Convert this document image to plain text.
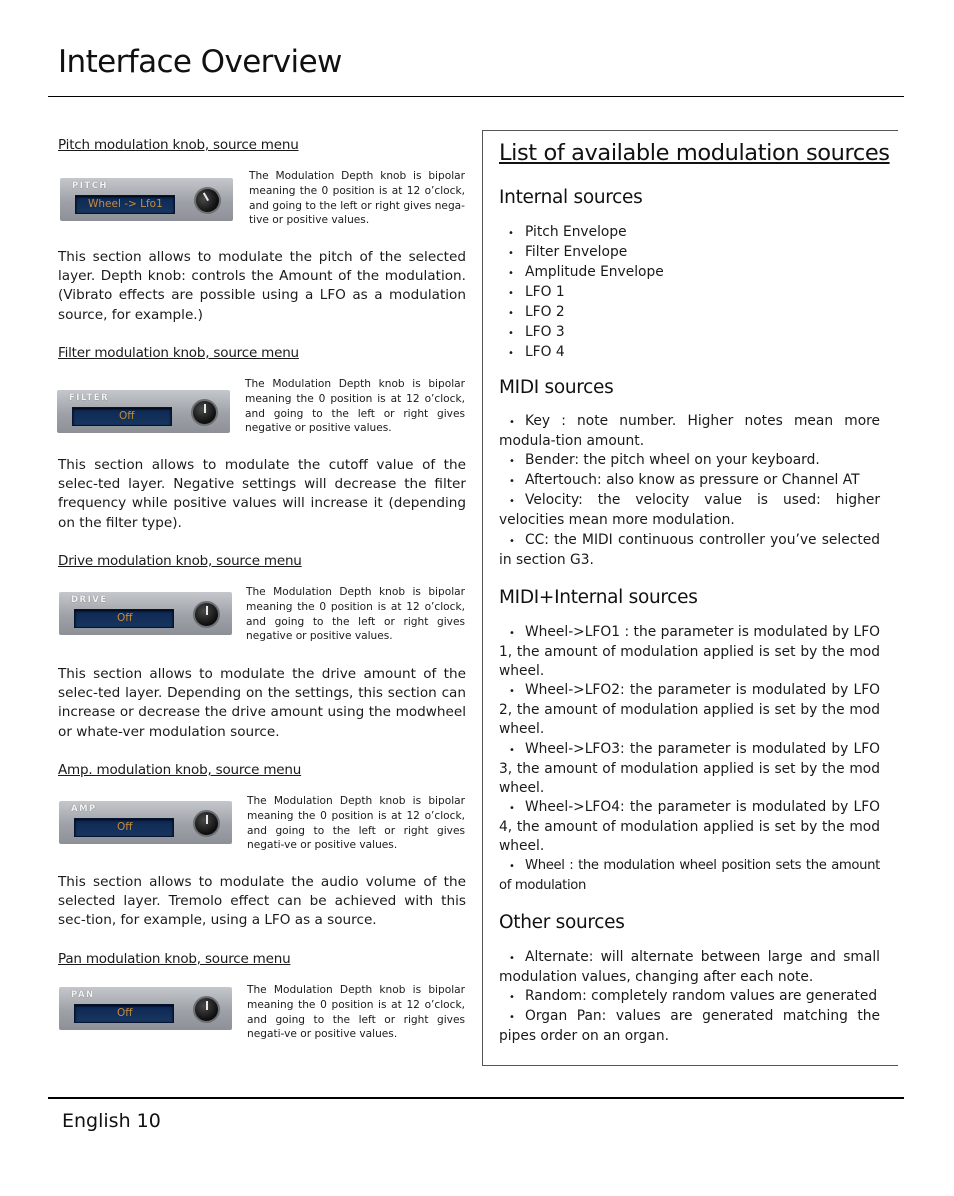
Interface Overview
Pitch modulation knob, source menu
PITCH
Wheel -> Lfo1
The Modulation Depth knob is bipolar meaning the 0 position is at 12 o’clock, and going to the left or right gives nega-tive or positive values.
This section allows to modulate the pitch of the selected layer. Depth knob: controls the Amount of the modulation. (Vibrato effects are possible using a LFO as a modulation source, for example.)
Filter modulation knob, source menu
FILTER
Off
The Modulation Depth knob is bipolar meaning the 0 position is at 12 o’clock, and going to the left or right gives negative or positive values.
This section allows to modulate the cutoff value of the selec-ted layer. Negative settings will decrease the filter frequency while positive values will increase it (depending on the filter type).
Drive modulation knob, source menu
DRIVE
Off
The Modulation Depth knob is bipolar meaning the 0 position is at 12 o’clock, and going to the left or right gives negative or positive values.
This section allows to modulate the drive amount of the selec-ted layer. Depending on the settings, this section can increase or decrease the drive amount using the modwheel or whate-ver modulation source.
Amp. modulation knob, source menu
AMP
Off
The Modulation Depth knob is bipolar meaning the 0 position is at 12 o’clock, and going to the left or right gives negati-ve or positive values.
This section allows to modulate the audio volume of the selected layer. Tremolo effect can be achieved with this sec-tion, for example, using a LFO as a source.
Pan modulation knob, source menu
PAN
Off
The Modulation Depth knob is bipolar meaning the 0 position is at 12 o’clock, and going to the left or right gives negati-ve or positive values.
List of available modulation sources
Internal sources
• Pitch Envelope
• Filter Envelope
• Amplitude Envelope
• LFO 1
• LFO 2
• LFO 3
• LFO 4
MIDI sources
• Key : note number. Higher notes mean more modula-tion amount.
• Bender: the pitch wheel on your keyboard.
• Aftertouch: also know as pressure or Channel AT
• Velocity: the velocity value is used: higher velocities mean more modulation.
• CC: the MIDI continuous controller you’ve selected in section G3.
MIDI+Internal sources
• Wheel->LFO1 : the parameter is modulated by LFO 1, the amount of modulation applied is set by the mod wheel.
• Wheel->LFO2: the parameter is modulated by LFO 2, the amount of modulation applied is set by the mod wheel.
• Wheel->LFO3: the parameter is modulated by LFO 3, the amount of modulation applied is set by the mod wheel.
• Wheel->LFO4: the parameter is modulated by LFO 4, the amount of modulation applied is set by the mod wheel.
• Wheel : the modulation wheel position sets the amount of modulation
Other sources
• Alternate: will alternate between large and small modulation values, changing after each note.
• Random: completely random values are generated
• Organ Pan: values are generated matching the pipes order on an organ.
English 10
